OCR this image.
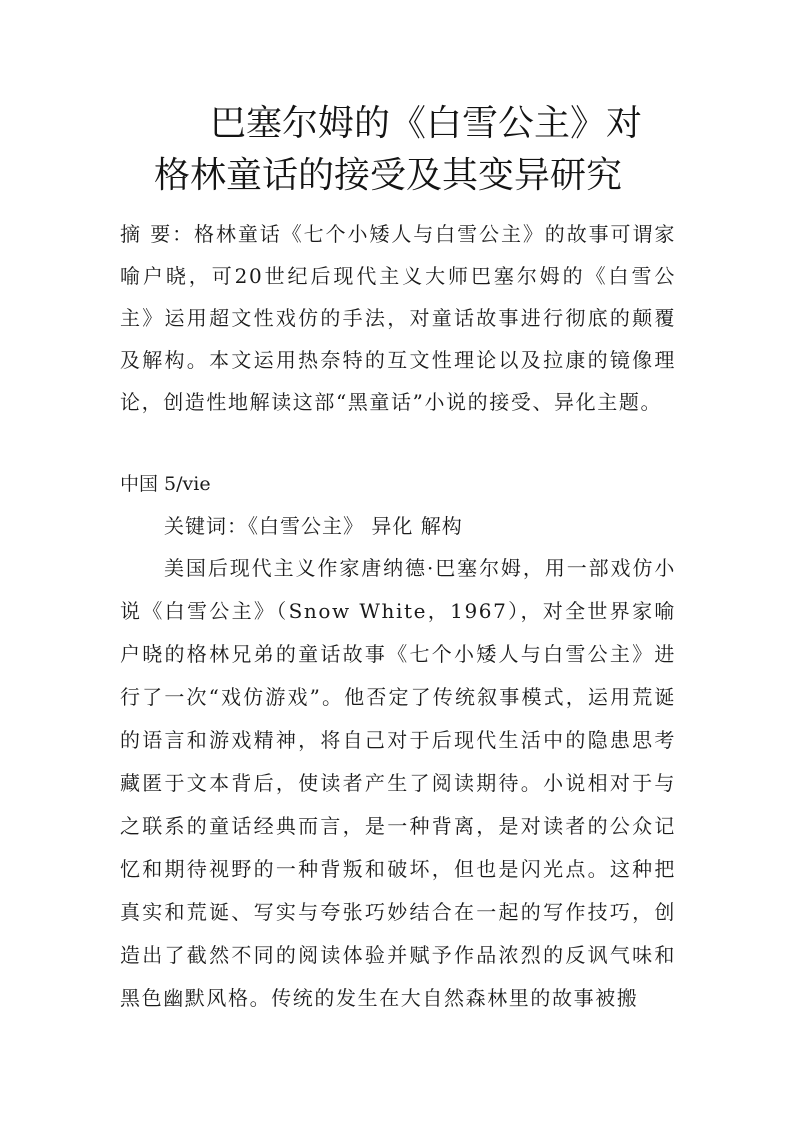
巴塞尔姆的《白雪公主》对
格林童话的接受及其变异研究

摘 要：格林童话《七个小矮人与白雪公主》的故事可谓家喻户晓，可20世纪后现代主义大师巴塞尔姆的《白雪公主》运用超文性戏仿的手法，对童话故事进行彻底的颠覆及解构。本文运用热奈特的互文性理论以及拉康的镜像理论，创造性地解读这部“黑童话”小说的接受、异化主题。

中国 5/vie

关键词：《白雪公主》 异化 解构

美国后现代主义作家唐纳德·巴塞尔姆，用一部戏仿小说《白雪公主》（Snow White，1967），对全世界家喻户晓的格林兄弟的童话故事《七个小矮人与白雪公主》进行了一次“戏仿游戏”。他否定了传统叙事模式，运用荒诞的语言和游戏精神，将自己对于后现代生活中的隐患思考藏匿于文本背后，使读者产生了阅读期待。小说相对于与之联系的童话经典而言，是一种背离，是对读者的公众记忆和期待视野的一种背叛和破坏，但也是闪光点。这种把真实和荒诞、写实与夸张巧妙结合在一起的写作技巧，创造出了截然不同的阅读体验并赋予作品浓烈的反讽气味和黑色幽默风格。传统的发生在大自然森林里的故事被搬
